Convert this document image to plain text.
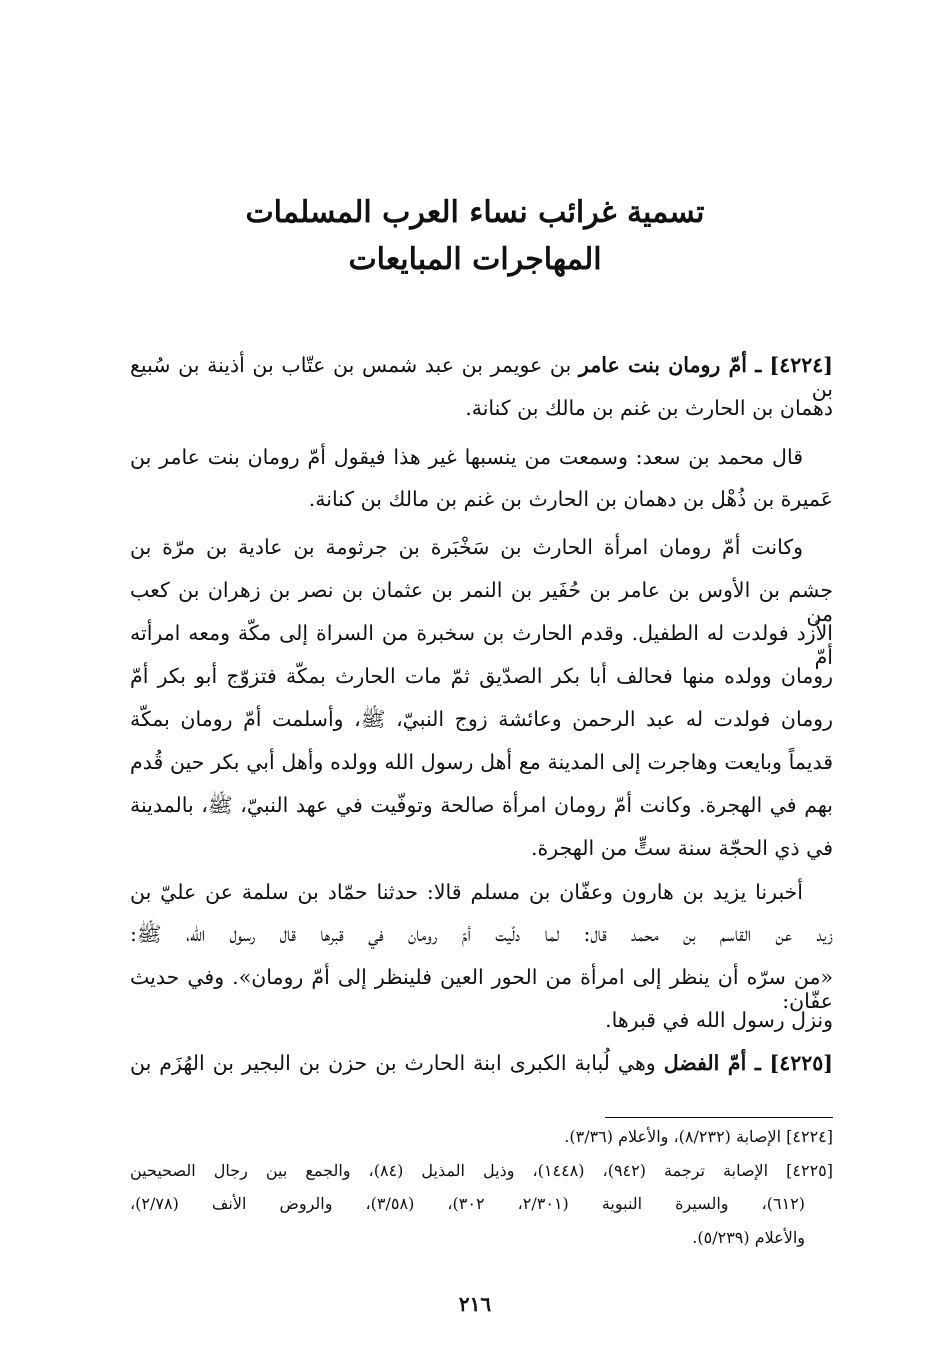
تسمية غرائب نساء العرب المسلمات
المهاجرات المبايعات
[٤٢٢٤] ـ أمّ رومان بنت عامر بن عويمر بن عبد شمس بن عتّاب بن أذينة بن سُبيع بن
دهمان بن الحارث بن غنم بن مالك بن كنانة.
قال محمد بن سعد: وسمعت من ينسبها غير هذا فيقول أمّ رومان بنت عامر بن
عَميرة بن ذُهْل بن دهمان بن الحارث بن غنم بن مالك بن كنانة.
وكانت أمّ رومان امرأة الحارث بن سَخْبَرة بن جرثومة بن عادية بن مرّة بن
جشم بن الأوس بن عامر بن حُفَير بن النمر بن عثمان بن نصر بن زهران بن كعب من
الأزد فولدت له الطفيل. وقدم الحارث بن سخبرة من السراة إلى مكّة ومعه امرأته أمّ
رومان وولده منها فحالف أبا بكر الصدّيق ثمّ مات الحارث بمكّة فتزوّج أبو بكر أمّ
رومان فولدت له عبد الرحمن وعائشة زوج النبيّ، ﷺ، وأسلمت أمّ رومان بمكّة
قديماً وبايعت وهاجرت إلى المدينة مع أهل رسول الله وولده وأهل أبي بكر حين قُدم
بهم في الهجرة. وكانت أمّ رومان امرأة صالحة وتوفّيت في عهد النبيّ، ﷺ، بالمدينة
في ذي الحجّة سنة ستٍّ من الهجرة.
أخبرنا يزيد بن هارون وعفّان بن مسلم قالا: حدثنا حمّاد بن سلمة عن عليّ بن
زيد عن القاسم بن محمد قال: لما دلّيت أمّ رومان في قبرها قال رسول الله، ﷺ:
«من سرّه أن ينظر إلى امرأة من الحور العين فلينظر إلى أمّ رومان». وفي حديث عفّان:
ونزل رسول الله في قبرها.
[٤٢٢٥] ـ أمّ الفضل وهي لُبابة الكبرى ابنة الحارث بن حزن بن البجير بن الهُزَم بن
[٤٢٢٤] الإصابة (٨/٢٣٢)، والأعلام (٣/٣٦).
[٤٢٢٥] الإصابة ترجمة (٩٤٢)، (١٤٤٨)، وذيل المذيل (٨٤)، والجمع بين رجال الصحيحين
(٦١٢)، والسيرة النبوية (٢/٣٠١، ٣٠٢)، (٣/٥٨)، والروض الأنف (٢/٧٨)،
والأعلام (٥/٢٣٩).
٢١٦
